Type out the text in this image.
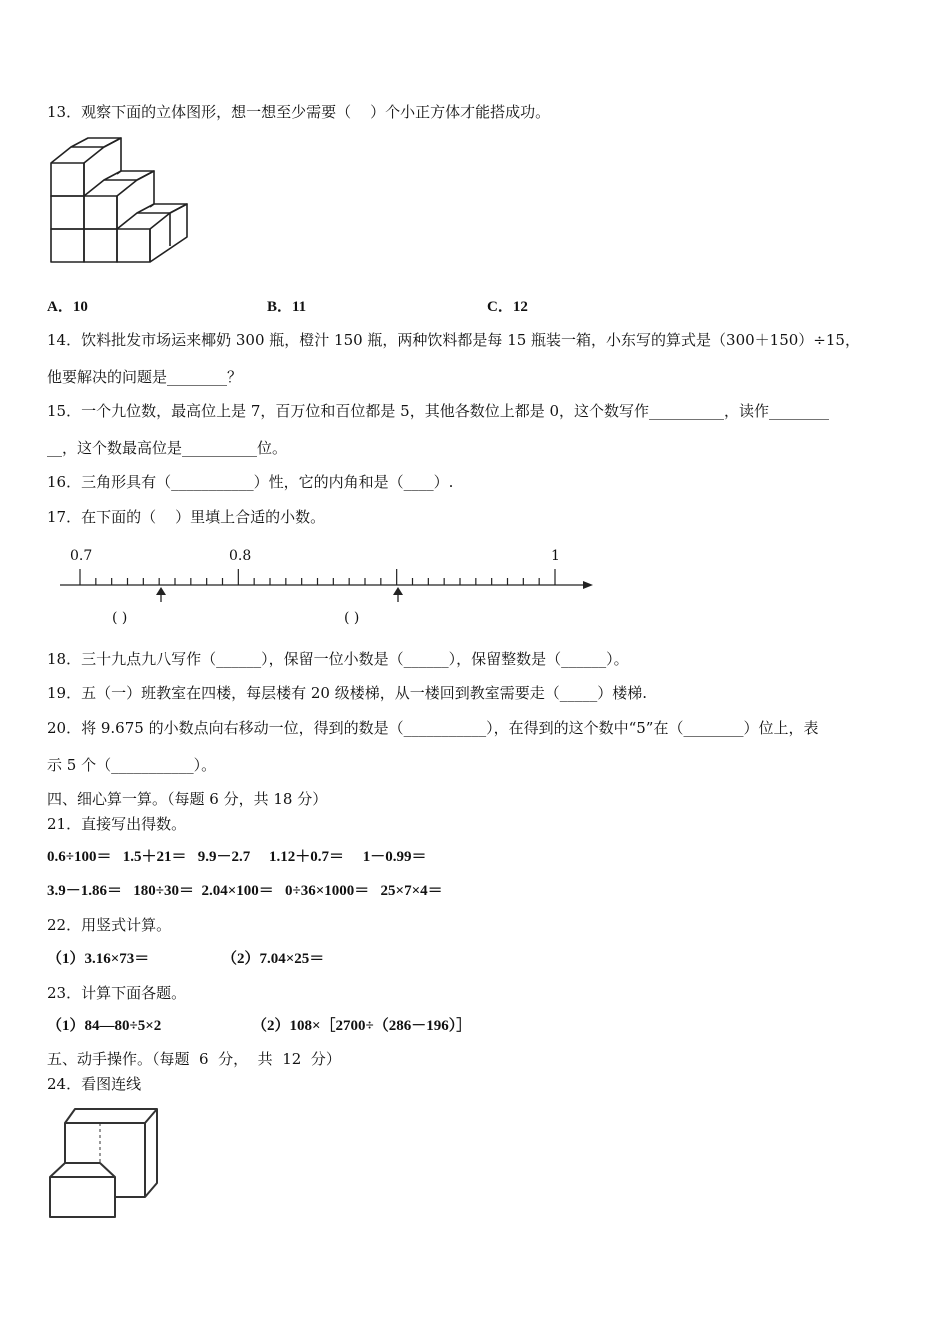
13．观察下面的立体图形，想一想至少需要（    ）个小正方体才能搭成功。
A．10	B．11	C．12
14．饮料批发市场运来椰奶 300 瓶，橙汁 150 瓶，两种饮料都是每 15 瓶装一箱，小东写的算式是（300＋150）÷15，
他要解决的问题是________？
15．一个九位数，最高位上是 7，百万位和百位都是 5，其他各数位上都是 0，这个数写作__________，读作________
__，这个数最高位是__________位。
16．三角形具有（___________）性，它的内角和是（____）.
17．在下面的（    ）里填上合适的小数。
0.7	0.8	1
( )	( )
18．三十九点九八写作（______），保留一位小数是（______），保留整数是（______）。
19．五（一）班教室在四楼，每层楼有 20 级楼梯，从一楼回到教室需要走（_____）楼梯.
20．将 9.675 的小数点向右移动一位，得到的数是（___________），在得到的这个数中“5”在（________）位上，表
示 5 个（___________）。
四、细心算一算。（每题 6 分，共 18 分）
21．直接写出得数。
0.6÷100＝   1.5＋21＝   9.9－2.7     1.12＋0.7＝     1－0.99＝
3.9－1.86＝   180÷30＝  2.04×100＝   0÷36×1000＝   25×7×4＝
22．用竖式计算。
（1）3.16×73＝	（2）7.04×25＝
23．计算下面各题。
（1）84—80÷5×2	（2）108×［2700÷（286－196）］
五、动手操作。（每题  6  分，  共  12  分）
24．看图连线
